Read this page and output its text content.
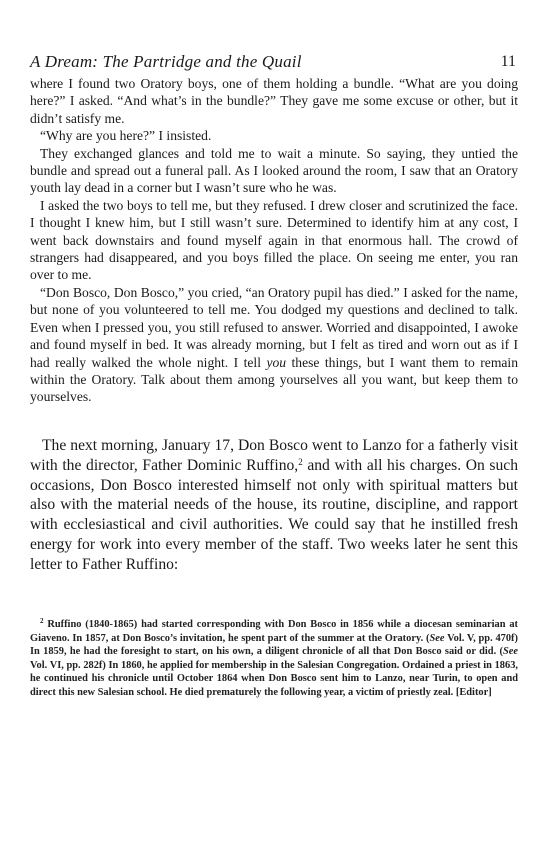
A Dream: The Partridge and the Quail	11

where I found two Oratory boys, one of them holding a bundle. “What are you doing here?” I asked. “And what’s in the bundle?” They gave me some excuse or other, but it didn’t satisfy me.

“Why are you here?” I insisted.

They exchanged glances and told me to wait a minute. So saying, they untied the bundle and spread out a funeral pall. As I looked around the room, I saw that an Oratory youth lay dead in a corner but I wasn’t sure who he was.

I asked the two boys to tell me, but they refused. I drew closer and scrutinized the face. I thought I knew him, but I still wasn’t sure. Determined to identify him at any cost, I went back downstairs and found myself again in that enormous hall. The crowd of strangers had disappeared, and you boys filled the place. On seeing me enter, you ran over to me.

“Don Bosco, Don Bosco,” you cried, “an Oratory pupil has died.” I asked for the name, but none of you volunteered to tell me. You dodged my questions and declined to talk. Even when I pressed you, you still refused to answer. Worried and disappointed, I awoke and found myself in bed. It was already morning, but I felt as tired and worn out as if I had really walked the whole night. I tell you these things, but I want them to remain within the Oratory. Talk about them among yourselves all you want, but keep them to yourselves.

The next morning, January 17, Don Bosco went to Lanzo for a fatherly visit with the director, Father Dominic Ruffino,$^2$ and with all his charges. On such occasions, Don Bosco interested himself not only with spiritual matters but also with the material needs of the house, its routine, discipline, and rapport with ecclesiastical and civil authorities. We could say that he instilled fresh energy for work into every member of the staff. Two weeks later he sent this letter to Father Ruffino:

$^2$ Ruffino (1840-1865) had started corresponding with Don Bosco in 1856 while a diocesan seminarian at Giaveno. In 1857, at Don Bosco’s invitation, he spent part of the summer at the Oratory. (See Vol. V, pp. 470f) In 1859, he had the foresight to start, on his own, a diligent chronicle of all that Don Bosco said or did. (See Vol. VI, pp. 282f) In 1860, he applied for membership in the Salesian Congregation. Ordained a priest in 1863, he continued his chronicle until October 1864 when Don Bosco sent him to Lanzo, near Turin, to open and direct this new Salesian school. He died prematurely the following year, a victim of priestly zeal. [Editor]
